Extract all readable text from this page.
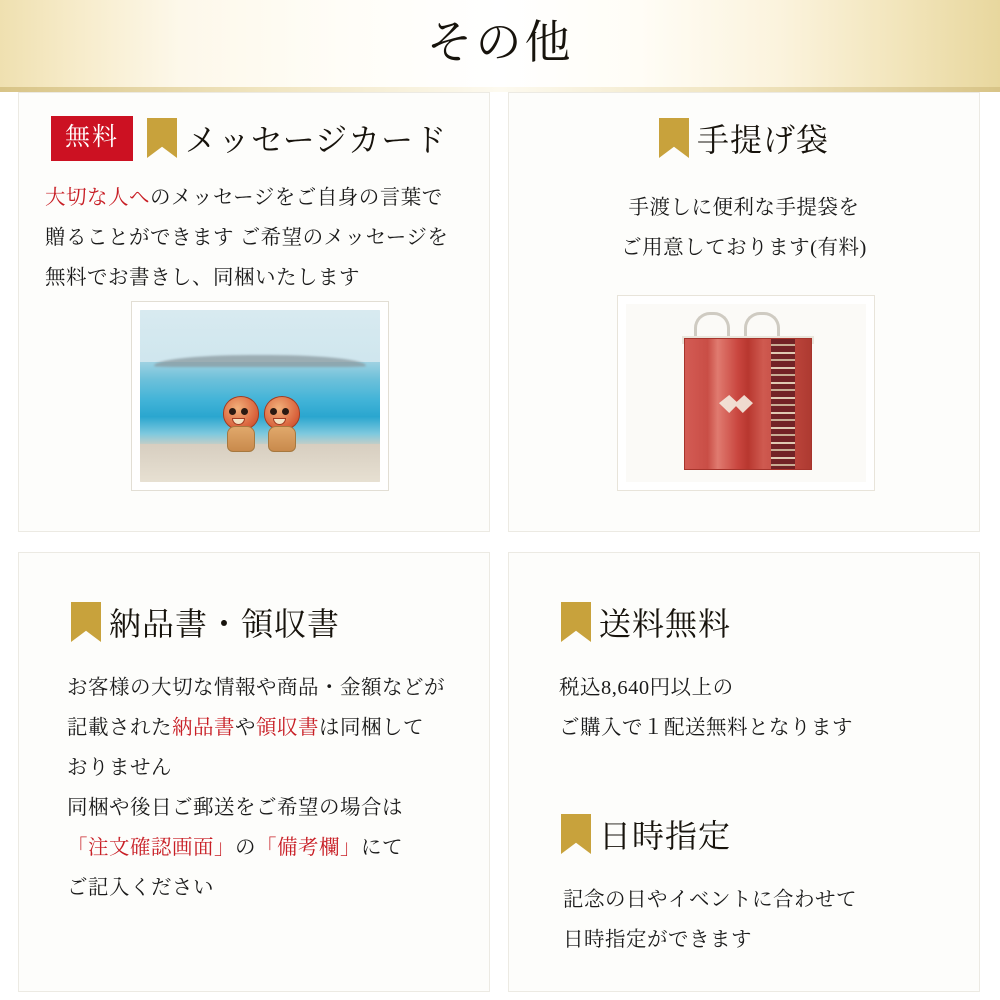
その他
無料	メッセージカード
大切な人へのメッセージをご自身の言葉で
贈ることができます ご希望のメッセージを
無料でお書きし、同梱いたします
手提げ袋
手渡しに便利な手提袋を
ご用意しております(有料)
納品書・領収書
お客様の大切な情報や商品・金額などが
記載された納品書や領収書は同梱して
おりません
同梱や後日ご郵送をご希望の場合は
「注文確認画面」の「備考欄」にて
ご記入ください
送料無料
税込8,640円以上の
ご購入で１配送無料となります
日時指定
記念の日やイベントに合わせて
日時指定ができます
